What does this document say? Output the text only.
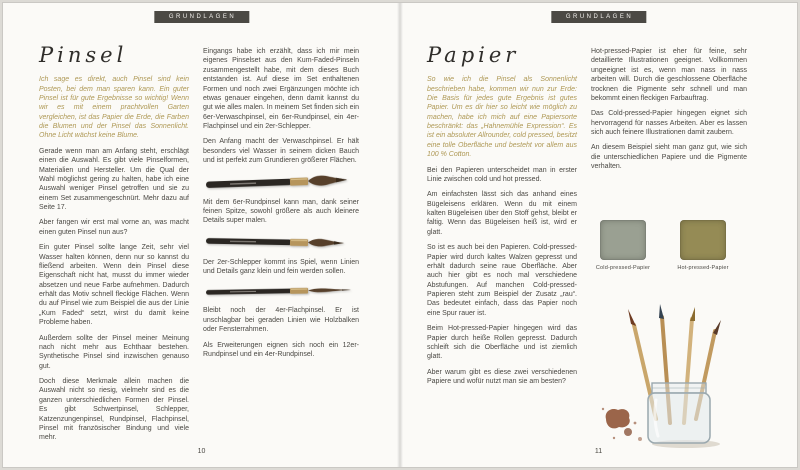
GRUNDLAGEN
Pinsel

Ich sage es direkt, auch Pinsel sind kein Posten, bei dem man sparen kann. Ein guter Pinsel ist für gute Ergebnisse so wichtig! Wenn wir es mit einem prachtvollen Garten vergleichen, ist das Papier die Erde, die Farben die Blumen und der Pinsel das Sonnenlicht. Ohne Licht wächst keine Blume.

Gerade wenn man am Anfang steht, erschlägt einen die Auswahl. Es gibt viele Pinselformen, Materialien und Hersteller. Um die Qual der Wahl möglichst gering zu halten, habe ich eine Auswahl weniger Pinsel getroffen und sie zu einem Set zusammengeschnürt. Mehr dazu auf Seite 17.

Aber fangen wir erst mal vorne an, was macht einen guten Pinsel nun aus?

Ein guter Pinsel sollte lange Zeit, sehr viel Wasser halten können, denn nur so kannst du fließend arbeiten. Wenn dein Pinsel diese Eigenschaft nicht hat, musst du immer wieder absetzen und neue Farbe aufnehmen. Dadurch erhält das Motiv schnell fleckige Flächen. Wenn du auf Pinsel wie zum Beispiel die aus der Linie „Kum Faded“ setzt, wirst du damit keine Probleme haben.

Außerdem sollte der Pinsel meiner Meinung nach nicht mehr aus Echthaar bestehen. Synthetische Pinsel sind inzwischen genauso gut.

Doch diese Merkmale allein machen die Auswahl nicht so riesig, vielmehr sind es die ganzen unterschiedlichen Formen der Pinsel. Es gibt Schwertpinsel, Schlepper, Katzenzungenpinsel, Rundpinsel, Flachpinsel, Pinsel mit französischer Bindung und viele mehr.

Eingangs habe ich erzählt, dass ich mir mein eigenes Pinselset aus den Kum-Faded-Pinseln zusammengestellt habe, mit dem dieses Buch entstanden ist. Auf diese im Set enthaltenen Formen und noch zwei Ergänzungen möchte ich etwas genauer eingehen, denn damit kannst du gut wie alles malen. In meinem Set finden sich ein 6er-Verwaschpinsel, ein 6er-Rundpinsel, ein 4er-Flachpinsel und ein 2er-Schlepper.

Den Anfang macht der Verwaschpinsel. Er hält besonders viel Wasser in seinem dicken Bauch und ist perfekt zum Grundieren größerer Flächen.

Mit dem 6er-Rundpinsel kann man, dank seiner feinen Spitze, sowohl größere als auch kleinere Details super malen.

Der 2er-Schlepper kommt ins Spiel, wenn Linien und Details ganz klein und fein werden sollen.

Bleibt noch der 4er-Flachpinsel. Er ist unschlagbar bei geraden Linien wie Holzbalken oder Fensterrahmen.

Als Erweiterungen eignen sich noch ein 12er-Rundpinsel und ein 4er-Rundpinsel.

10
GRUNDLAGEN
Papier

So wie ich die Pinsel als Sonnenlicht beschrieben habe, kommen wir nun zur Erde: Die Basis für jedes gute Ergebnis ist gutes Papier. Um es dir hier so leicht wie möglich zu machen, habe ich mich auf eine Papiersorte beschränkt: das „Hahnemühle Expression“. Es ist ein absoluter Allrounder, cold pressed, besitzt eine tolle Oberfläche und besteht vor allem aus 100 % Cotton.

Bei den Papieren unterscheidet man in erster Linie zwischen cold und hot pressed.

Am einfachsten lässt sich das anhand eines Bügeleisens erklären. Wenn du mit einem kalten Bügeleisen über den Stoff gehst, bleibt er faltig. Wenn das Bügeleisen heiß ist, wird er glatt.

So ist es auch bei den Papieren. Cold-pressed-Papier wird durch kaltes Walzen gepresst und erhält dadurch seine raue Oberfläche. Aber auch hier gibt es noch mal verschiedene Abstufungen. Auf manchen Cold-pressed-Papieren steht zum Beispiel der Zusatz „rau“. Das bedeutet einfach, dass das Papier noch eine Spur rauer ist.

Beim Hot-pressed-Papier hingegen wird das Papier durch heiße Rollen gepresst. Dadurch schleift sich die Oberfläche und ist ziemlich glatt.

Aber warum gibt es diese zwei verschiedenen Papiere und wofür nutzt man sie am besten?

Hot-pressed-Papier ist eher für feine, sehr detaillierte Illustrationen geeignet. Vollkommen ungeeignet ist es, wenn man nass in nass arbeiten will. Durch die geschlossene Oberfläche trocknen die Pigmente sehr schnell und man bekommt einen fleckigen Farbauftrag.

Das Cold-pressed-Papier hingegen eignet sich hervorragend für nasses Arbeiten. Aber es lassen sich auch feinere Illustrationen damit zaubern.

An diesem Beispiel sieht man ganz gut, wie sich die unterschiedlichen Papiere und die Pigmente verhalten.

Cold-pressed-Papier	Hot-pressed-Papier
11
